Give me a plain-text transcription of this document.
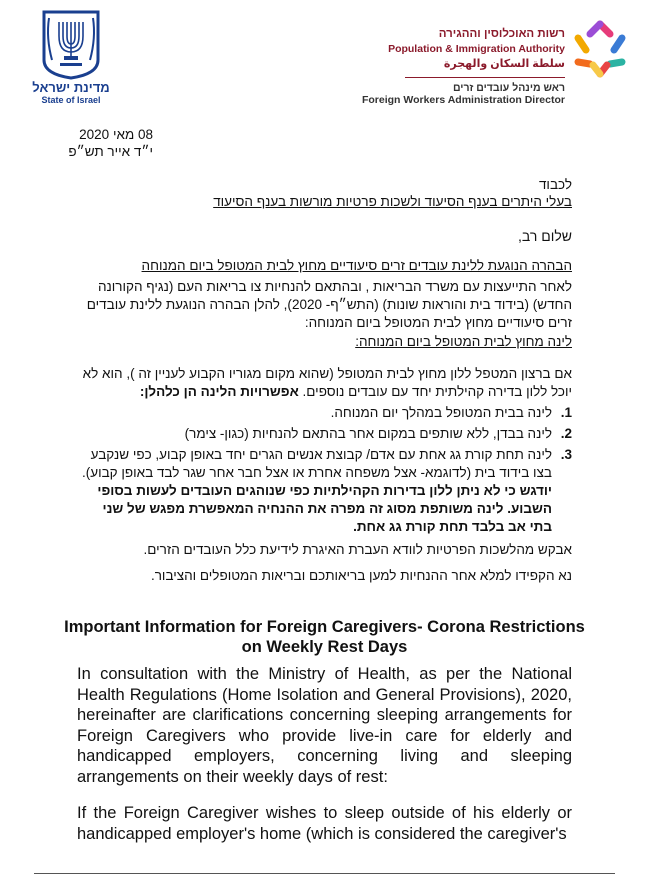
מדינת ישראל
State of Israel
רשות האוכלוסין וההגירה
Population & Immigration Authority
سلطة السكان والهجرة
ראש מינהל עובדים זרים
Foreign Workers Administration Director
08 מאי 2020
י״ד אייר תש״פ
לכבוד
בעלי היתרים בענף הסיעוד ולשכות פרטיות מורשות בענף הסיעוד
שלום רב,
הבהרה הנוגעת ללינת עובדים זרים סיעודיים מחוץ לבית המטופל ביום המנוחה
לאחר התייעצות עם משרד הבריאות , ובהתאם להנחיות צו בריאות העם (נגיף הקורונה החדש) (בידוד בית והוראות שונות) (התש״ף- 2020), להלן הבהרה הנוגעת ללינת עובדים זרים סיעודיים מחוץ לבית המטופל ביום המנוחה:
לינה מחוץ לבית המטופל ביום המנוחה:
אם ברצון המטפל ללון מחוץ לבית המטופל (שהוא מקום מגוריו הקבוע לעניין זה ), הוא לא יוכל ללון בדירה קהילתית יחד עם עובדים נוספים. אפשרויות הלינה הן כלהלן:
1.
לינה בבית המטופל במהלך יום המנוחה.
2.
לינה בבדן, ללא שותפים במקום אחר בהתאם להנחיות (כגון- צימר)
3.
לינה תחת קורת גג אחת עם אדם/ קבוצת אנשים הגרים יחד באופן קבוע, כפי שנקבע בצו בידוד בית (לדוגמא- אצל משפחה אחרת או אצל חבר אחר שגר לבד באופן קבוע). יודגש כי לא ניתן ללון בדירות הקהילתיות כפי שנוהגים העובדים לעשות בסופי השבוע. לינה משותפת מסוג זה מפרה את ההנחיה המאפשרת מפגש של שני בתי אב בלבד תחת קורת גג אחת.
אבקש מהלשכות הפרטיות לוודא העברת האיגרת לידיעת כלל העובדים הזרים.
נא הקפידו למלא אחר ההנחיות למען בריאותכם ובריאות המטופלים והציבור.
Important Information for Foreign Caregivers- Corona Restrictions on Weekly Rest Days
In consultation with the Ministry of Health, as per the National Health Regulations (Home Isolation and General Provisions), 2020, hereinafter are clarifications concerning sleeping arrangements for Foreign Caregivers who provide live-in care for elderly and handicapped employers, concerning living and sleeping arrangements on their weekly days of rest:
If the Foreign Caregiver wishes to sleep outside of his elderly or handicapped employer's home (which is considered the caregiver's
